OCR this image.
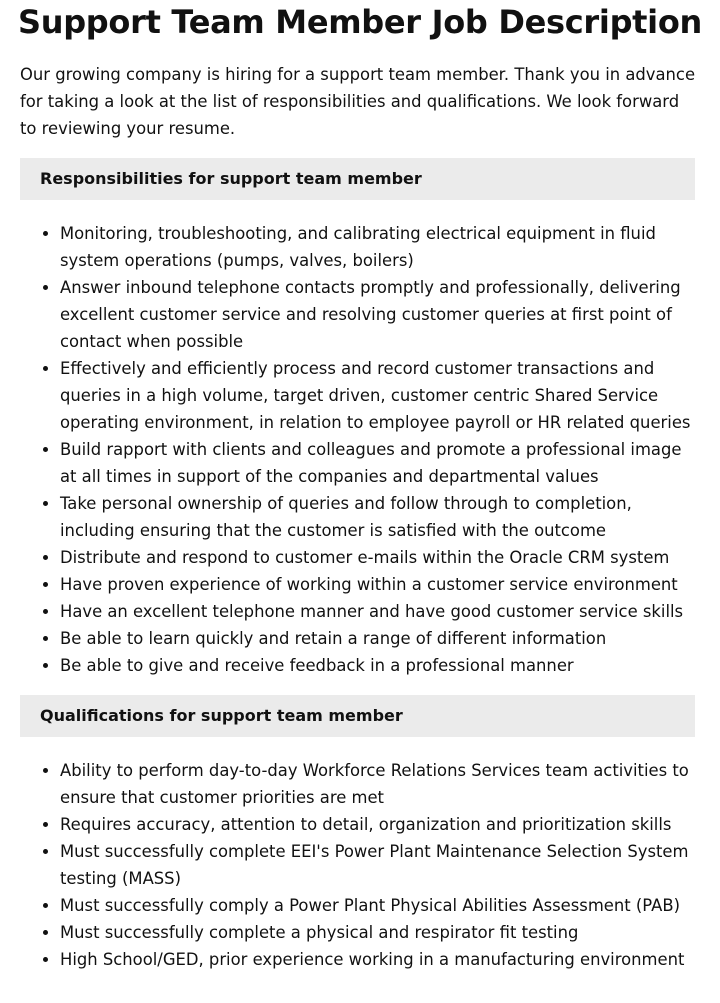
Support Team Member Job Description

Our growing company is hiring for a support team member. Thank you in advance for taking a look at the list of responsibilities and qualifications. We look forward to reviewing your resume.

Responsibilities for support team member
• Monitoring, troubleshooting, and calibrating electrical equipment in fluid system operations (pumps, valves, boilers)
• Answer inbound telephone contacts promptly and professionally, delivering excellent customer service and resolving customer queries at first point of contact when possible
• Effectively and efficiently process and record customer transactions and queries in a high volume, target driven, customer centric Shared Service operating environment, in relation to employee payroll or HR related queries
• Build rapport with clients and colleagues and promote a professional image at all times in support of the companies and departmental values
• Take personal ownership of queries and follow through to completion, including ensuring that the customer is satisfied with the outcome
• Distribute and respond to customer e-mails within the Oracle CRM system
• Have proven experience of working within a customer service environment
• Have an excellent telephone manner and have good customer service skills
• Be able to learn quickly and retain a range of different information
• Be able to give and receive feedback in a professional manner
Qualifications for support team member
• Ability to perform day-to-day Workforce Relations Services team activities to ensure that customer priorities are met
• Requires accuracy, attention to detail, organization and prioritization skills
• Must successfully complete EEI's Power Plant Maintenance Selection System testing (MASS)
• Must successfully comply a Power Plant Physical Abilities Assessment (PAB)
• Must successfully complete a physical and respirator fit testing
• High School/GED, prior experience working in a manufacturing environment
